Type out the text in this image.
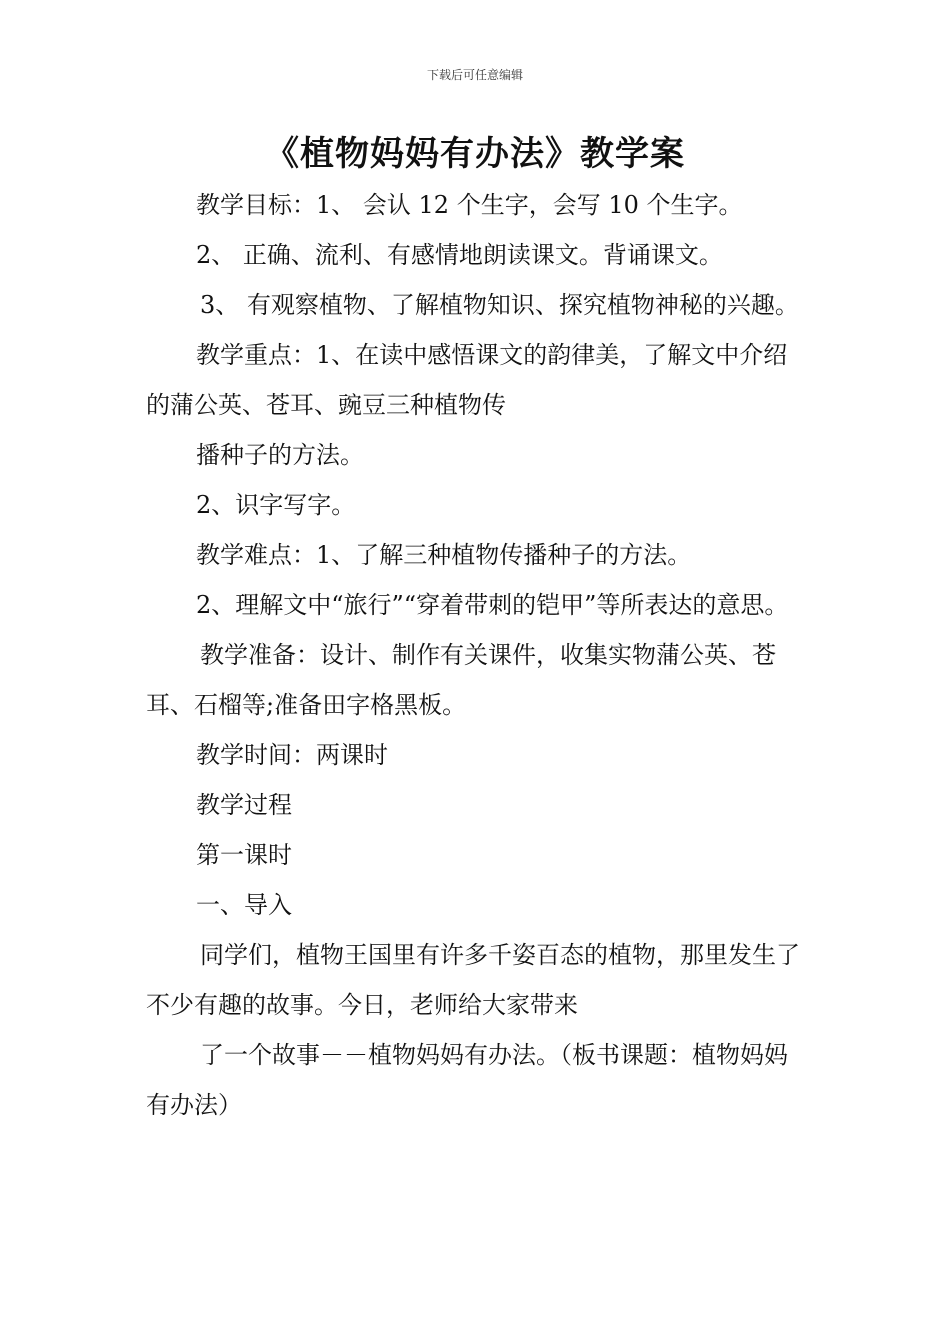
下载后可任意编辑
《植物妈妈有办法》教学案

教学目标：1、 会认 12 个生字，会写 10 个生字。

2、 正确、流利、有感情地朗读课文。背诵课文。

3、 有观察植物、了解植物知识、探究植物神秘的兴趣。

教学重点：1、在读中感悟课文的韵律美，了解文中介绍的蒲公英、苍耳、豌豆三种植物传

播种子的方法。

2、识字写字。

教学难点：1、了解三种植物传播种子的方法。

2、理解文中“旅行”“穿着带刺的铠甲”等所表达的意思。

教学准备：设计、制作有关课件，收集实物蒲公英、苍耳、石榴等;准备田字格黑板。

教学时间：两课时

教学过程

第一课时

一、导入

同学们，植物王国里有许多千姿百态的植物，那里发生了不少有趣的故事。今日，老师给大家带来

了一个故事－－植物妈妈有办法。（板书课题：植物妈妈有办法）
